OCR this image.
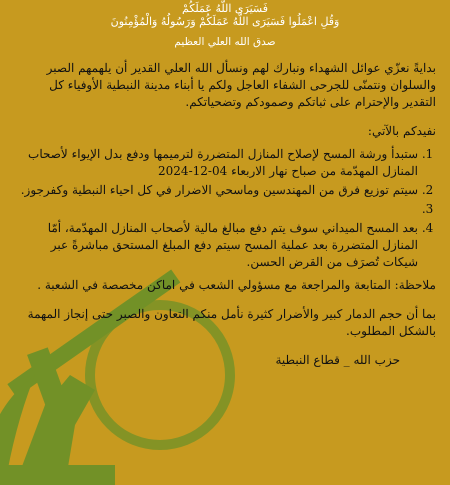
فَسَيَرَى اللَّهُ عَمَلَكُمْ
وَقُلِ اعْمَلُوا فَسَيَرَى اللَّهُ عَمَلَكُمْ وَرَسُولُهُ وَالْمُؤْمِنُونَ
صدق الله العلي العظيم
بدايةً نعزّي عوائل الشهداء ونبارك لهم ونسأل الله العلي القدير أن يلهمهم الصبر والسلوان ونتمنّى للجرحى الشفاء العاجل ولكم يا أبناء مدينة النبطية الأوفياء كل التقدير والإحترام على ثباتكم وصمودكم وتضحياتكم.
نفيدكم بالآتي:
1. ستبدأ ورشة المسح لإصلاح المنازل المتضررة لترميمها ودفع بدل الإيواء لأصحاب المنازل المهدّمة من صباح نهار الاربعاء 04-12-2024
2. سيتم توزيع فرق من المهندسين وماسحي الاضرار في كل احياء النبطية وكفرجوز.
3.
4. بعد المسح الميداني سوف يتم دفع مبالغ مالية لأصحاب المنازل المهدّمة، أمّا المنازل المتضررة بعد عملية المسح سيتم دفع المبلغ المستحق مباشرةً عبر شيكات تُصرَف من القرض الحسن.
ملاحظة: المتابعة والمراجعة مع مسؤولي الشعب في اماكن مخصصة في الشعبة .
بما أن حجم الدمار كبير والأضرار كثيرة نأمل منكم التعاون والصبر حتى إنجاز المهمة بالشكل المطلوب.
حزب الله _ قطاع النبطية
